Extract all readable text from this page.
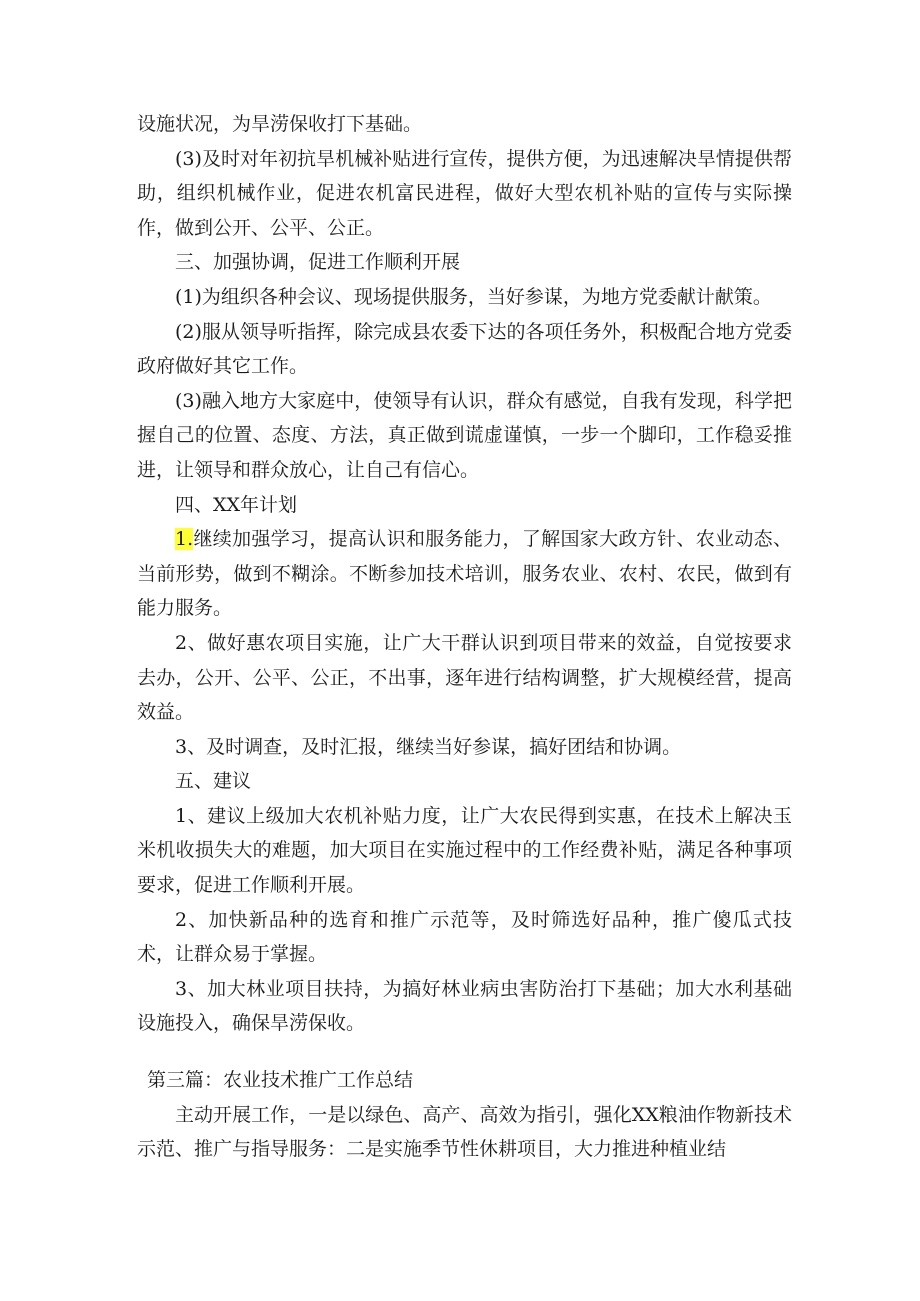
设施状况，为旱涝保收打下基础。

(3)及时对年初抗旱机械补贴进行宣传，提供方便，为迅速解决旱情提供帮助，组织机械作业，促进农机富民进程，做好大型农机补贴的宣传与实际操作，做到公开、公平、公正。

三、加强协调，促进工作顺利开展

(1)为组织各种会议、现场提供服务，当好参谋，为地方党委献计献策。

(2)服从领导听指挥，除完成县农委下达的各项任务外，积极配合地方党委政府做好其它工作。

(3)融入地方大家庭中，使领导有认识，群众有感觉，自我有发现，科学把握自己的位置、态度、方法，真正做到谎虚谨慎，一步一个脚印，工作稳妥推进，让领导和群众放心，让自己有信心。

四、XX年计划

1.继续加强学习，提高认识和服务能力，了解国家大政方针、农业动态、当前形势，做到不糊涂。不断参加技术培训，服务农业、农村、农民，做到有能力服务。

2、做好惠农项目实施，让广大干群认识到项目带来的效益，自觉按要求去办，公开、公平、公正，不出事，逐年进行结构调整，扩大规模经营，提高效益。

3、及时调查，及时汇报，继续当好参谋，搞好团结和协调。

五、建议

1、建议上级加大农机补贴力度，让广大农民得到实惠，在技术上解决玉米机收损失大的难题，加大项目在实施过程中的工作经费补贴，满足各种事项要求，促进工作顺利开展。

2、加快新品种的选育和推广示范等，及时筛选好品种，推广傻瓜式技术，让群众易于掌握。

3、加大林业项目扶持，为搞好林业病虫害防治打下基础；加大水利基础设施投入，确保旱涝保收。

第三篇：农业技术推广工作总结

主动开展工作，一是以绿色、高产、高效为指引，强化XX粮油作物新技术示范、推广与指导服务：二是实施季节性休耕项目，大力推进种植业结
